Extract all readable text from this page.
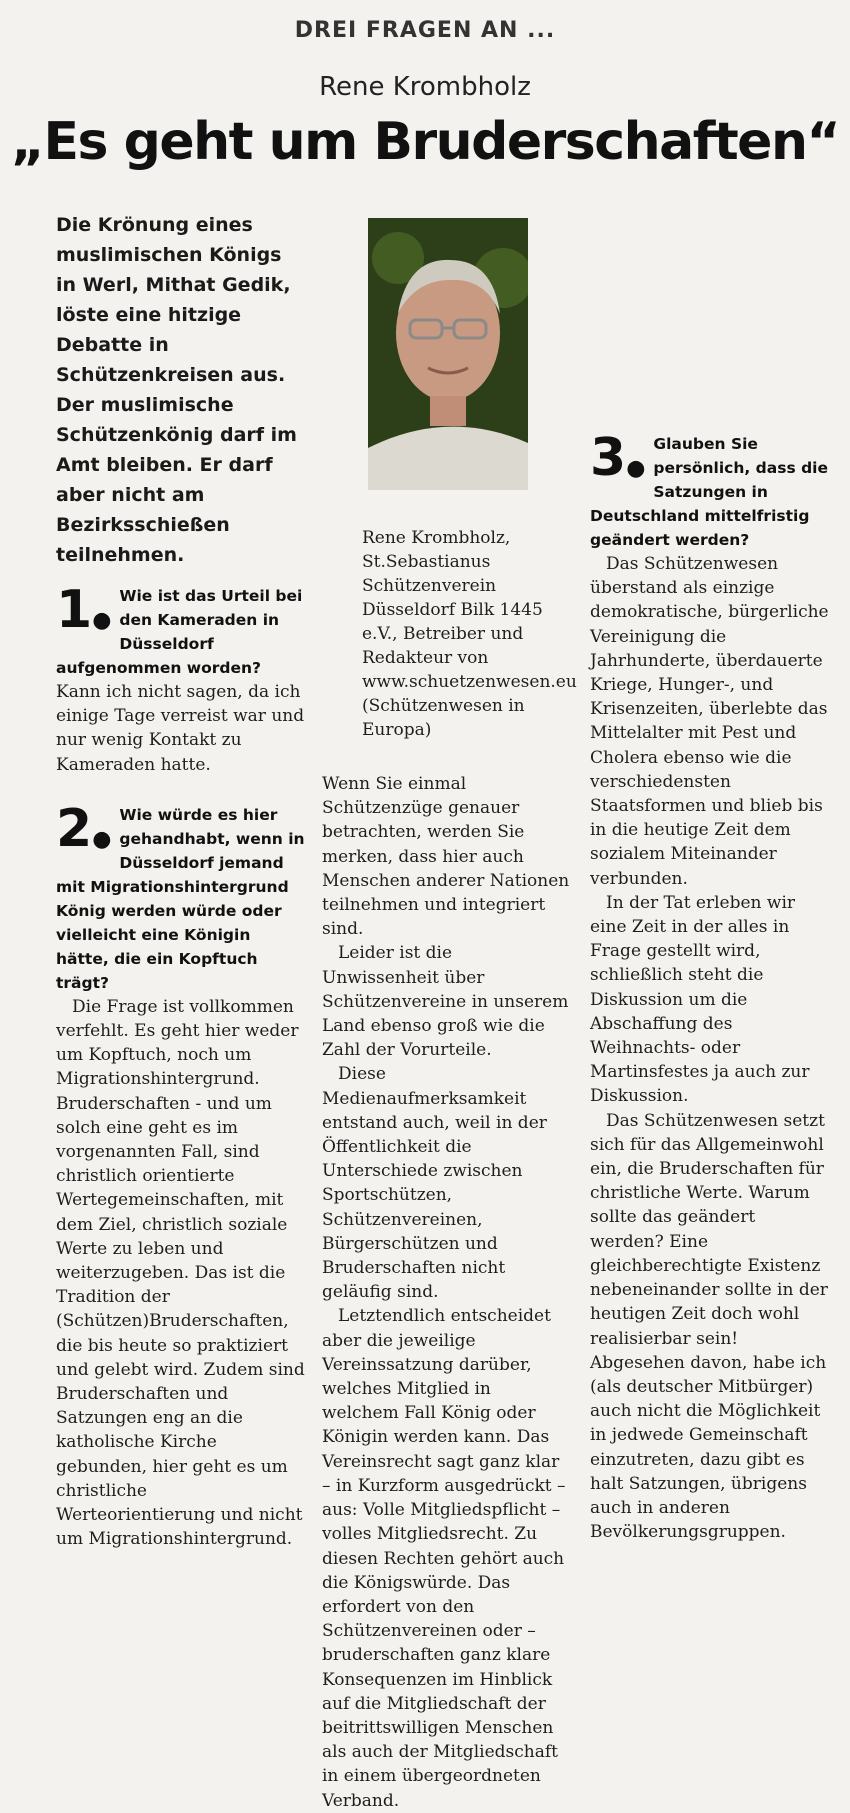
DREI FRAGEN AN ...
Rene Krombholz
„Es geht um Bruderschaften“

Die Krönung eines muslimischen Königs in Werl, Mithat Gedik, löste eine hitzige Debatte in Schützenkreisen aus. Der muslimische Schützenkönig darf im Amt bleiben. Er darf aber nicht am Bezirksschießen teilnehmen.

1●

Wie ist das Urteil bei den Kameraden in Düsseldorf aufgenommen worden?

Kann ich nicht sagen, da ich einige Tage verreist war und nur wenig Kontakt zu Kameraden hatte.

2●

Wie würde es hier gehandhabt, wenn in Düsseldorf jemand mit Migrationshintergrund König werden würde oder vielleicht eine Königin hätte, die ein Kopftuch trägt?

Die Frage ist vollkommen verfehlt. Es geht hier weder um Kopftuch, noch um Migrationshintergrund. Bruderschaften - und um solch eine geht es im vorgenannten Fall, sind christlich orientierte Wertegemeinschaften, mit dem Ziel, christlich soziale Werte zu leben und weiterzugeben. Das ist die Tradition der (Schützen)Bruderschaften, die bis heute so praktiziert und gelebt wird. Zudem sind Bruderschaften und Satzungen eng an die katholische Kirche gebunden, hier geht es um christliche Werteorientierung und nicht um Migrationshintergrund.

Rene Krombholz, St.Sebastianus Schützenverein Düsseldorf Bilk 1445 e.V., Betreiber und Redakteur von www.schuetzenwesen.eu (Schützenwesen in Europa)

Wenn Sie einmal Schützenzüge genauer betrachten, werden Sie merken, dass hier auch Menschen anderer Nationen teilnehmen und integriert sind.

Leider ist die Unwissenheit über Schützenvereine in unserem Land ebenso groß wie die Zahl der Vorurteile.

Diese Medienaufmerksamkeit entstand auch, weil in der Öffentlichkeit die Unterschiede zwischen Sportschützen, Schützenvereinen, Bürgerschützen und Bruderschaften nicht geläufig sind.

Letztendlich entscheidet aber die jeweilige Vereinssatzung darüber, welches Mitglied in welchem Fall König oder Königin werden kann. Das Vereinsrecht sagt ganz klar – in Kurzform ausgedrückt – aus: Volle Mitgliedspflicht – volles Mitgliedsrecht. Zu diesen Rechten gehört auch die Königswürde. Das erfordert von den Schützenvereinen oder –bruderschaften ganz klare Konsequenzen im Hinblick auf die Mitgliedschaft der beitrittswilligen Menschen als auch der Mitgliedschaft in einem übergeordneten Verband.

3●

Glauben Sie persönlich, dass die Satzungen in Deutschland mittelfristig geändert werden?

Das Schützenwesen überstand als einzige demokratische, bürgerliche Vereinigung die Jahrhunderte, überdauerte Kriege, Hunger-, und Krisenzeiten, überlebte das Mittelalter mit Pest und Cholera ebenso wie die verschiedensten Staatsformen und blieb bis in die heutige Zeit dem sozialem Miteinander verbunden.

In der Tat erleben wir eine Zeit in der alles in Frage gestellt wird, schließlich steht die Diskussion um die Abschaffung des Weihnachts- oder Martinsfestes ja auch zur Diskussion.

Das Schützenwesen setzt sich für das Allgemeinwohl ein, die Bruderschaften für christliche Werte. Warum sollte das geändert werden? Eine gleichberechtigte Existenz nebeneinander sollte in der heutigen Zeit doch wohl realisierbar sein! Abgesehen davon, habe ich (als deutscher Mitbürger) auch nicht die Möglichkeit in jedwede Gemeinschaft einzutreten, dazu gibt es halt Satzungen, übrigens auch in anderen Bevölkerungsgruppen.
